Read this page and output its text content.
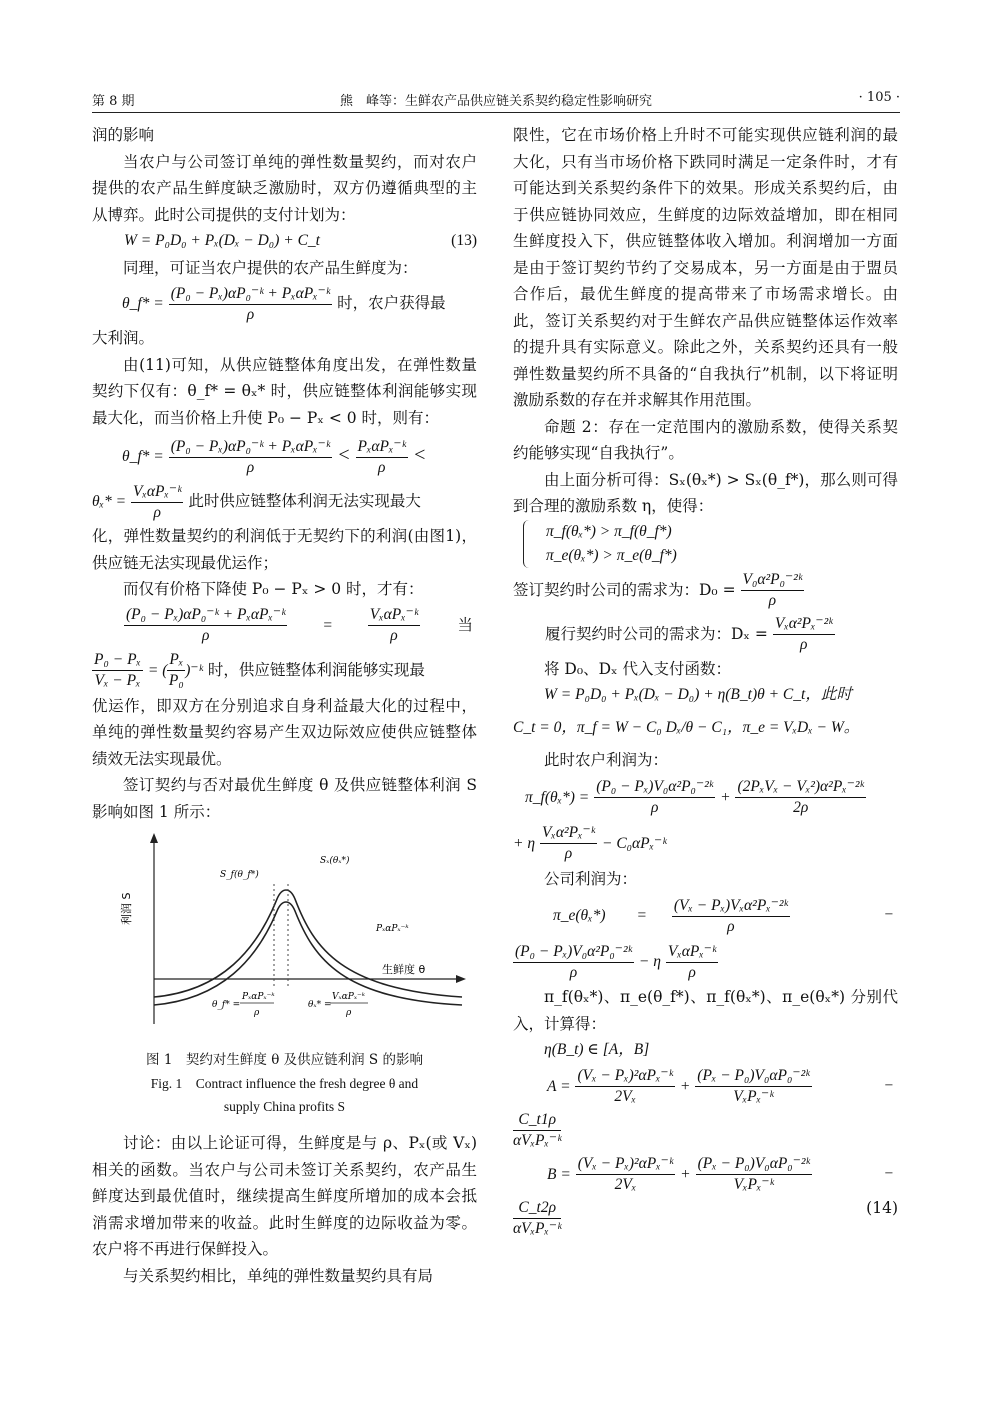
第 8 期	熊　峰等：生鲜农产品供应链关系契约稳定性影响研究	· 105 ·

润的影响

当农户与公司签订单纯的弹性数量契约，而对农户提供的农产品生鲜度缺乏激励时，双方仍遵循典型的主从博弈。此时公司提供的支付计划为：

W = P₀D₀ + Pₓ(Dₓ − D₀) + C_t	(13)

同理，可证当农户提供的农产品生鲜度为：

θ_f* = $\frac{\text{(P₀ − Pₓ)αP₀⁻ᵏ + PₓαPₓ⁻ᵏ}}{\rho}$ 时，农户获得最

大利润。

由(11)可知，从供应链整体角度出发，在弹性数量契约下仅有：θ_f* = θₓ* 时，供应链整体利润能够实现最大化，而当价格上升使 P₀ − Pₓ < 0 时，则有：

θ_f* = $\frac{\text{(P₀ − Pₓ)αP₀⁻ᵏ + PₓαPₓ⁻ᵏ}}{\rho} < \frac{\text{PₓαPₓ⁻ᵏ}}{\rho}$ <
$\theta_x* = \frac{\text{VₓαPₓ⁻ᵏ}}{\rho}$ 此时供应链整体利润无法实现最大

化，弹性数量契约的利润低于无契约下的利润(由图1)，供应链无法实现最优运作；

而仅有价格下降使 P₀ − Pₓ > 0 时，才有：

$\frac{\text{(P₀ − Pₓ)αP₀⁻ᵏ + PₓαPₓ⁻ᵏ}}{\rho} = \frac{\text{VₓαPₓ⁻ᵏ}}{\rho}$ 当
$\frac{\text{P₀ − Pₓ}}{\text{Vₓ − Pₓ}}$ = ( $\frac{\text{Pₓ}}{\text{P₀}}$ )⁻ᵏ 时，供应链整体利润能够实现最

优运作，即双方在分别追求自身利益最大化的过程中，单纯的弹性数量契约容易产生双边际效应使供应链整体绩效无法实现最优。

签订契约与否对最优生鲜度 θ 及供应链整体利润 S 影响如图 1 所示：

利润 S
生鲜度 θ
S_f(θ_f*)
Sₓ(θₓ*)
PₓαPₓ⁻ᵏ
θ_f* =
PₓαPₓ⁻ᵏ
ρ
θₓ* =
VₓαPₓ⁻ᵏ
ρ
图 1　契约对生鲜度 θ 及供应链利润 S 的影响
Fig. 1　Contract influence the fresh degree θ and
supply China profits S

讨论：由以上论证可得，生鲜度是与 ρ、Pₓ(或 Vₓ)相关的函数。当农户与公司未签订关系契约，农产品生鲜度达到最优值时，继续提高生鲜度所增加的成本会抵消需求增加带来的收益。此时生鲜度的边际收益为零。农户将不再进行保鲜投入。

与关系契约相比，单纯的弹性数量契约具有局

限性，它在市场价格上升时不可能实现供应链利润的最大化，只有当市场价格下跌同时满足一定条件时，才有可能达到关系契约条件下的效果。形成关系契约后，由于供应链协同效应，生鲜度的边际效益增加，即在相同生鲜度投入下，供应链整体收入增加。利润增加一方面是由于签订契约节约了交易成本，另一方面是由于盟员合作后，最优生鲜度的提高带来了市场需求增长。由此，签订关系契约对于生鲜农产品供应链整体运作效率的提升具有实际意义。除此之外，关系契约还具有一般弹性数量契约所不具备的“自我执行”机制，以下将证明激励系数的存在并求解其作用范围。

命题 2：存在一定范围内的激励系数，使得关系契约能够实现“自我执行”。

由上面分析可得：Sₓ(θₓ*) > Sₓ(θ_f*)，那么则可得到合理的激励系数 η，使得：

π_f(θₓ*) > π_f(θ_f*)
π_e(θₓ*) > π_e(θ_f*)
签订契约时公司的需求为：$D_0 = \frac{\text{V₀α²P₀⁻²ᵏ}}{\rho}$
履行契约时公司的需求为：$D_x = \frac{\text{Vₓα²Pₓ⁻²ᵏ}}{\rho}$

将 D₀、Dₓ 代入支付函数：

W = P₀D₀ + Pₓ(Dₓ − D₀) + η(B_t)θ + C_t，此时

C_t = 0，π_f = W − C₀ Dₓ/θ − C₁，π_e = VₓDₓ − W。

此时农户利润为：

π_f(θₓ*) = $\frac{\text{(P₀ − Pₓ)V₀α²P₀⁻²ᵏ}}{\rho} + \frac{\text{(2PₓVₓ − Vₓ²)α²Pₓ⁻²ᵏ}}{2\rho}$
+ η $\frac{\text{Vₓα²Pₓ⁻ᵏ}}{\rho}$ − C₀αPₓ⁻ᵏ

公司利润为：

π_e(θₓ*)　　= $\frac{\text{(Vₓ − Pₓ)Vₓα²Pₓ⁻²ᵏ}}{\rho}$	−
$\frac{\text{(P₀ − Pₓ)V₀α²P₀⁻²ᵏ}}{\rho} - \eta \frac{\text{VₓαPₓ⁻ᵏ}}{\rho}$

π_f(θₓ*)、π_e(θ_f*)、π_f(θₓ*)、π_e(θₓ*) 分别代入，计算得：

η(B_t) ∈ [A，B]

$A = \frac{\text{(Vₓ − Pₓ)²αPₓ⁻ᵏ}}{\text{2Vₓ}} + \frac{\text{(Pₓ − P₀)V₀αP₀⁻²ᵏ}}{\text{VₓPₓ⁻ᵏ}}$	−
$\frac{C\_t1\rho}{\text{αVₓPₓ⁻ᵏ}}$
$B = \frac{\text{(Vₓ − Pₓ)²αPₓ⁻ᵏ}}{\text{2Vₓ}} + \frac{\text{(Pₓ − P₀)V₀αP₀⁻²ᵏ}}{\text{VₓPₓ⁻ᵏ}}$	−
$\frac{C\_t2\rho}{\text{αVₓPₓ⁻ᵏ}}$	(14)
